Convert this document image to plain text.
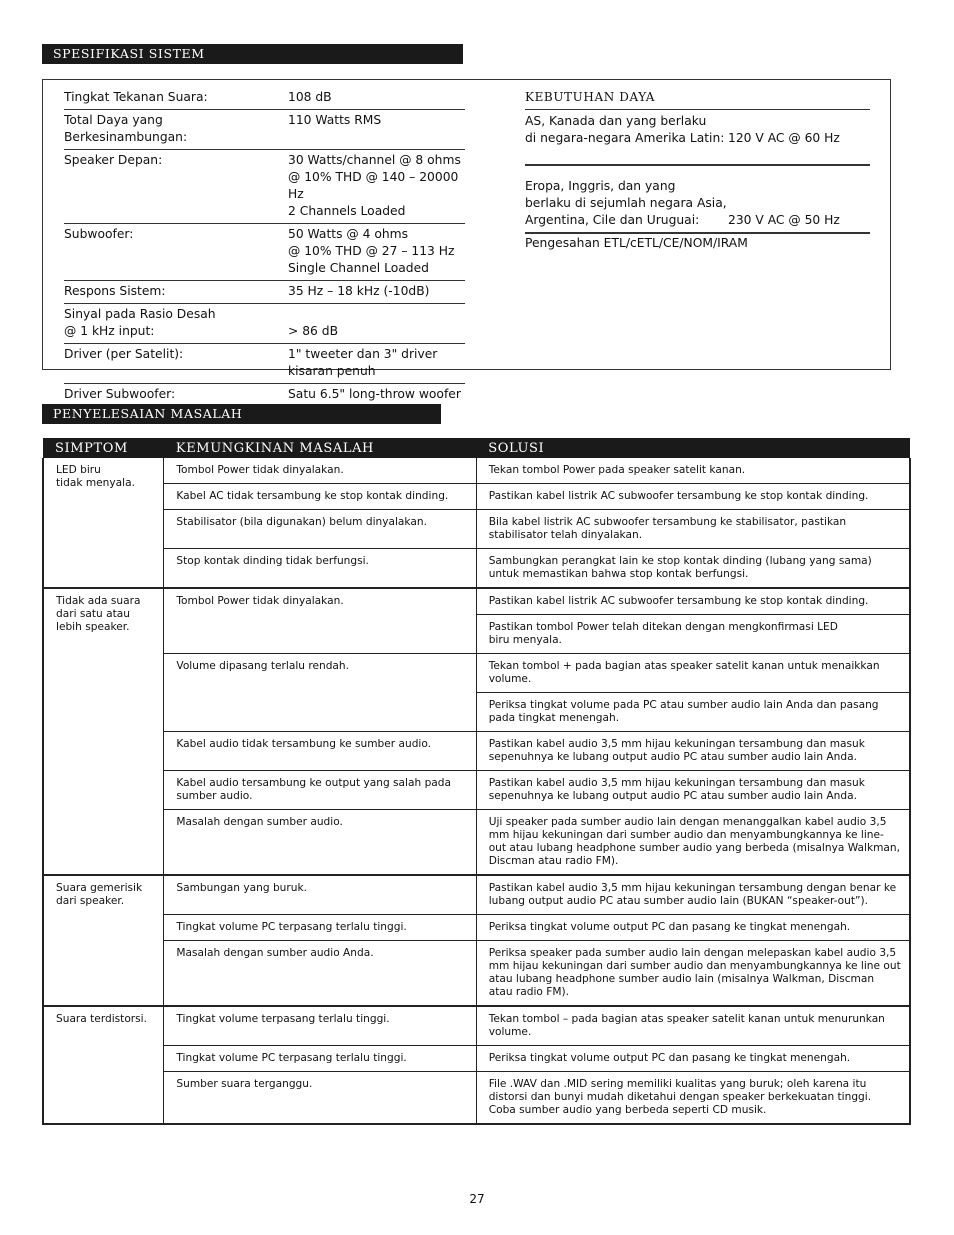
SPESIFIKASI SISTEM
Tingkat Tekanan Suara:	108 dB
Total Daya yang Berkesinambungan:	110 Watts RMS
Speaker Depan:	30 Watts/channel @ 8 ohms
@ 10% THD @ 140 – 20000 Hz
2 Channels Loaded
Subwoofer:	50 Watts @ 4 ohms
@ 10% THD @ 27 – 113 Hz
Single Channel Loaded
Respons Sistem:	35 Hz – 18 kHz (-10dB)
Sinyal pada Rasio Desah
@ 1 kHz input:	
> 86 dB
Driver (per Satelit):	1" tweeter dan 3" driver
kisaran penuh
Driver Subwoofer:	Satu 6.5" long-throw woofer
KEBUTUHAN DAYA
AS, Kanada dan yang berlaku
di negara-negara Amerika Latin: 120 V AC @ 60 Hz
Eropa, Inggris, dan yang
berlaku di sejumlah negara Asia,
Argentina, Cile dan Uruguai:	230 V AC @ 50 Hz
Pengesahan ETL/cETL/CE/NOM/IRAM
PENYELESAIAN MASALAH
SIMPTOM	KEMUNGKINAN MASALAH	SOLUSI
LED biru
tidak menyala.	Tombol Power tidak dinyalakan.	Tekan tombol Power pada speaker satelit kanan.
	Kabel AC tidak tersambung ke stop kontak dinding.	Pastikan kabel listrik AC subwoofer tersambung ke stop kontak dinding.
	Stabilisator (bila digunakan) belum dinyalakan.	Bila kabel listrik AC subwoofer tersambung ke stabilisator, pastikan stabilisator telah dinyalakan.
	Stop kontak dinding tidak berfungsi.	Sambungkan perangkat lain ke stop kontak dinding (lubang yang sama) untuk memastikan bahwa stop kontak berfungsi.
Tidak ada suara
dari satu atau
lebih speaker.	Tombol Power tidak dinyalakan.	Pastikan kabel listrik AC subwoofer tersambung ke stop kontak dinding.
		Pastikan tombol Power telah ditekan dengan mengkonfirmasi LED
biru menyala.
	Volume dipasang terlalu rendah.	Tekan tombol + pada bagian atas speaker satelit kanan untuk menaikkan volume.
		Periksa tingkat volume pada PC atau sumber audio lain Anda dan pasang pada tingkat menengah.
	Kabel audio tidak tersambung ke sumber audio.	Pastikan kabel audio 3,5 mm hijau kekuningan tersambung dan masuk sepenuhnya ke lubang output audio PC atau sumber audio lain Anda.
	Kabel audio tersambung ke output yang salah pada sumber audio.	Pastikan kabel audio 3,5 mm hijau kekuningan tersambung dan masuk sepenuhnya ke lubang output audio PC atau sumber audio lain Anda.
	Masalah dengan sumber audio.	Uji speaker pada sumber audio lain dengan menanggalkan kabel audio 3,5 mm hijau kekuningan dari sumber audio dan menyambungkannya ke line-out atau lubang headphone sumber audio yang berbeda (misalnya Walkman, Discman atau radio FM).
Suara gemerisik
dari speaker.	Sambungan yang buruk.	Pastikan kabel audio 3,5 mm hijau kekuningan tersambung dengan benar ke lubang output audio PC atau sumber audio lain (BUKAN “speaker-out”).
	Tingkat volume PC terpasang terlalu tinggi.	Periksa tingkat volume output PC dan pasang ke tingkat menengah.
	Masalah dengan sumber audio Anda.	Periksa speaker pada sumber audio lain dengan melepaskan kabel audio 3,5 mm hijau kekuningan dari sumber audio dan menyambungkannya ke line out atau lubang headphone sumber audio lain (misalnya Walkman, Discman atau radio FM).
Suara terdistorsi.	Tingkat volume terpasang terlalu tinggi.	Tekan tombol – pada bagian atas speaker satelit kanan untuk menurunkan volume.
	Tingkat volume PC terpasang terlalu tinggi.	Periksa tingkat volume output PC dan pasang ke tingkat menengah.
	Sumber suara terganggu.	File .WAV dan .MID sering memiliki kualitas yang buruk; oleh karena itu distorsi dan bunyi mudah diketahui dengan speaker berkekuatan tinggi. Coba sumber audio yang berbeda seperti CD musik.
27
